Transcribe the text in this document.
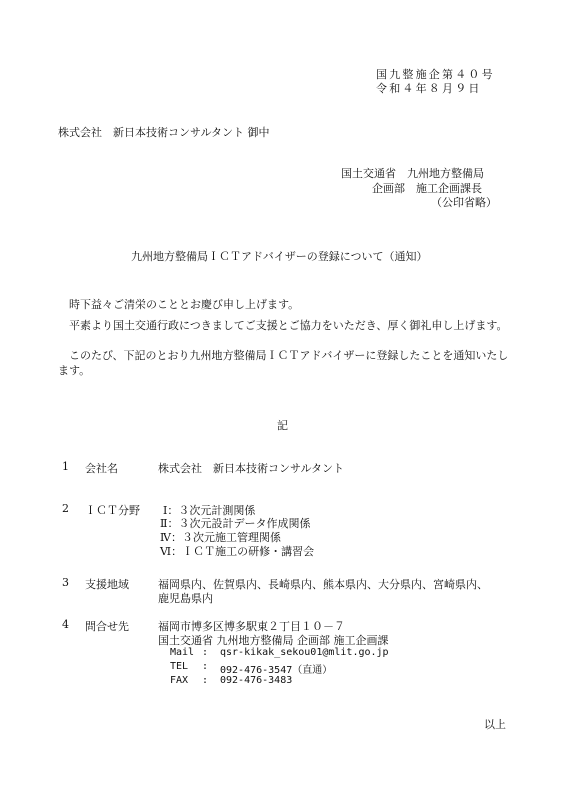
国九整施企第４０号
令和４年８月９日
株式会社　新日本技術コンサルタント 御中
国土交通省　九州地方整備局
企画部　施工企画課長
（公印省略）
九州地方整備局ＩＣＴアドバイザーの登録について（通知）
時下益々ご清栄のこととお慶び申し上げます。
平素より国土交通行政につきましてご支援とご協力をいただき、厚く御礼申し上げます。
このたび、下記のとおり九州地方整備局ＩＣＴアドバイザーに登録したことを通知いたします。
記
1 会社名	株式会社　新日本技術コンサルタント
2 ＩＣＴ分野 Ⅰ：３次元計測関係
Ⅱ：３次元設計データ作成関係
Ⅳ：３次元施工管理関係
Ⅵ：ＩＣＴ施工の研修・講習会
3 支援地域	福岡県内、佐賀県内、長崎県内、熊本県内、大分県内、宮崎県内、
鹿児島県内
4 問合せ先	福岡市博多区博多駅東２丁目１０－７
国土交通省 九州地方整備局 企画部 施工企画課
Mail : qsr-kikak_sekou01@mlit.go.jp
TEL : 092-476-3547（直通）
FAX : 092-476-3483
以上
